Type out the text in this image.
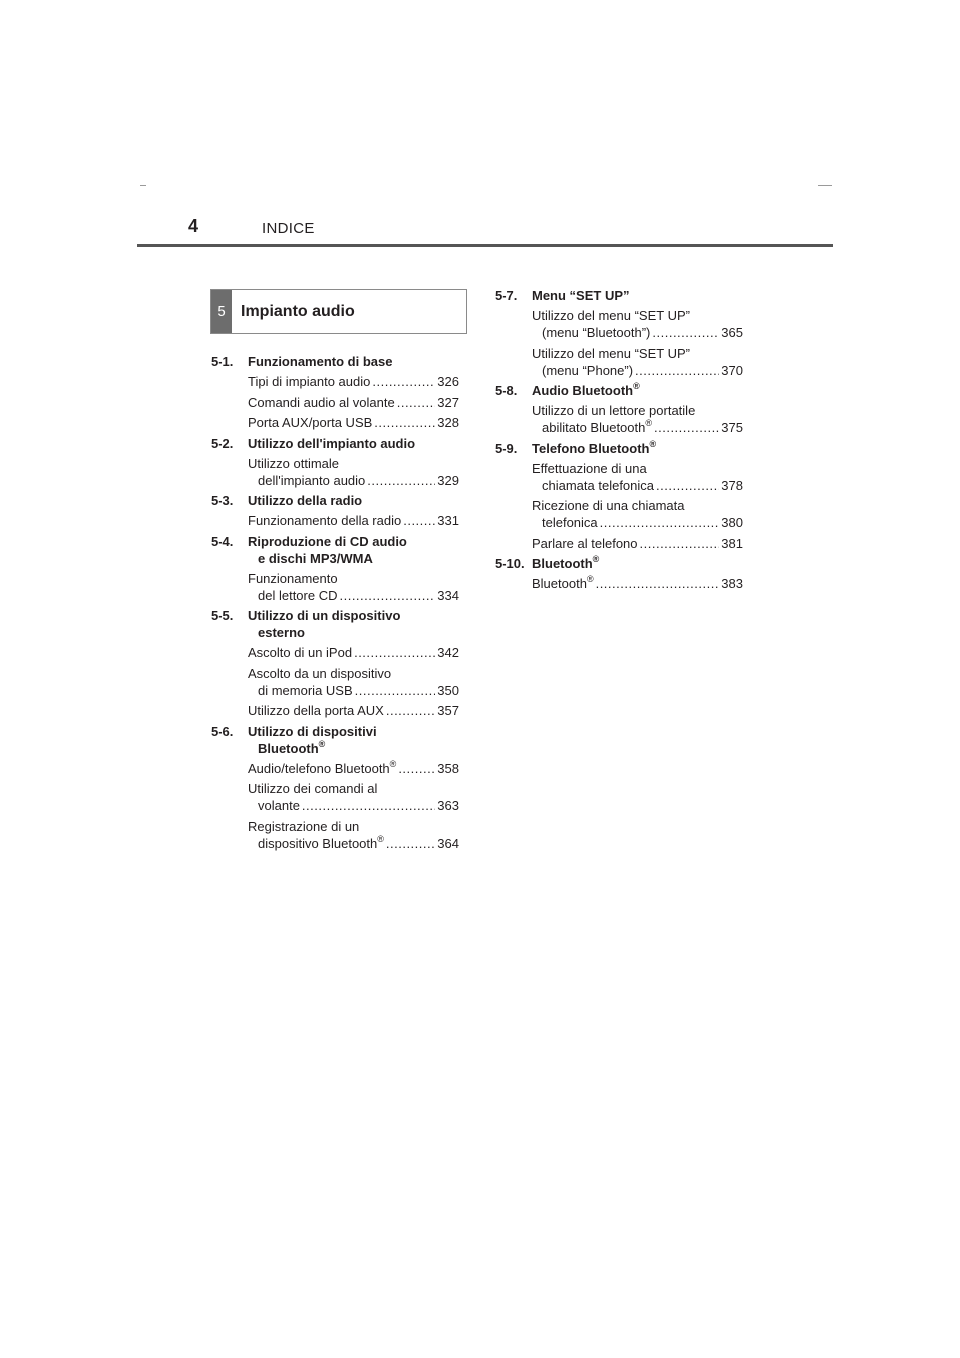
4	INDICE
5 Impianto audio
5-1.	Funzionamento di base
Tipi di impianto audio .....	326
Comandi audio al volante .....	327
Porta AUX/porta USB .....	328
5-2.	Utilizzo dell'impianto audio
Utilizzo ottimale
dell'impianto audio .....	329
5-3.	Utilizzo della radio
Funzionamento della radio .....	331
5-4.	Riproduzione di CD audio
e dischi MP3/WMA
Funzionamento
del lettore CD .....	334
5-5.	Utilizzo di un dispositivo
esterno
Ascolto di un iPod .....	342
Ascolto da un dispositivo
di memoria USB .....	350
Utilizzo della porta AUX .....	357
5-6.	Utilizzo di dispositivi
Bluetooth®
Audio/telefono Bluetooth® .....	358
Utilizzo dei comandi al
volante .....	363
Registrazione di un
dispositivo Bluetooth® .....	364
5-7.	Menu “SET UP”
Utilizzo del menu “SET UP”
(menu “Bluetooth”) .....	365
Utilizzo del menu “SET UP”
(menu “Phone”) .....	370
5-8.	Audio Bluetooth®
Utilizzo di un lettore portatile
abilitato Bluetooth® .....	375
5-9.	Telefono Bluetooth®
Effettuazione di una
chiamata telefonica .....	378
Ricezione di una chiamata
telefonica .....	380
Parlare al telefono .....	381
5-10. Bluetooth®
Bluetooth® .....	383
